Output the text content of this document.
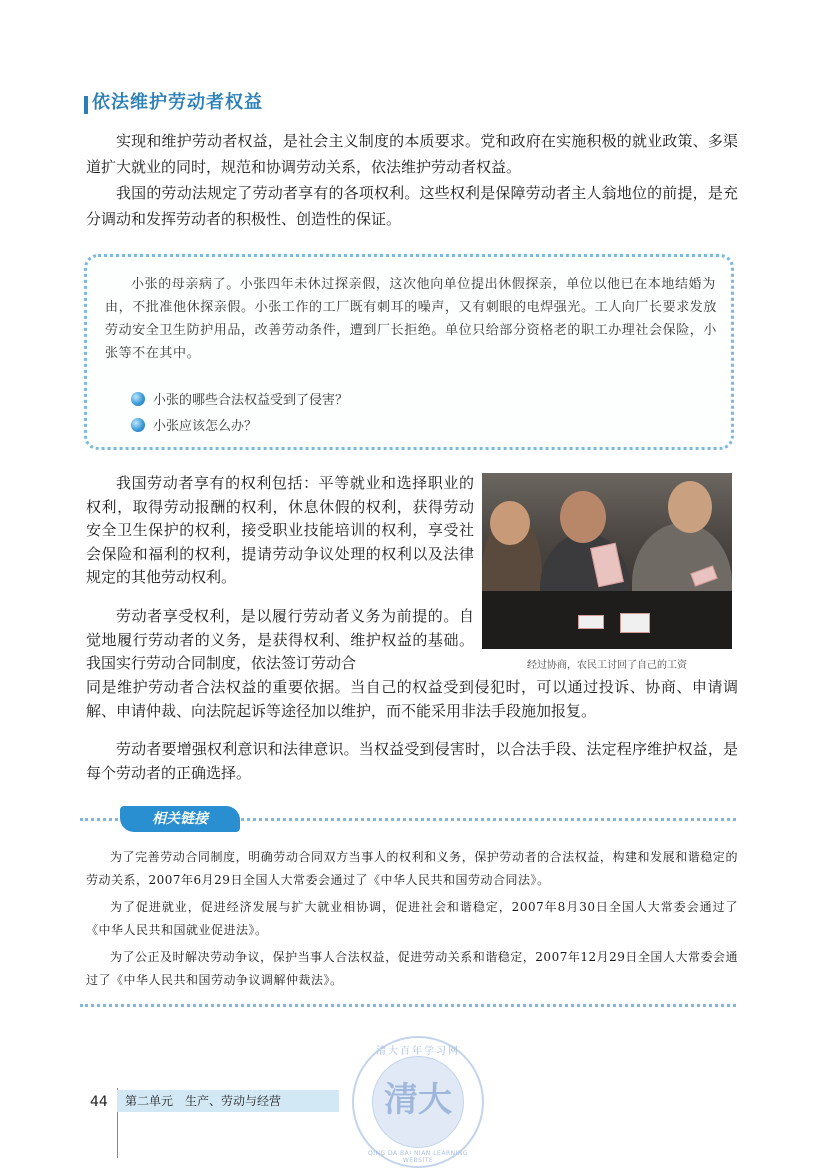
依法维护劳动者权益

实现和维护劳动者权益，是社会主义制度的本质要求。党和政府在实施积极的就业政策、多渠道扩大就业的同时，规范和协调劳动关系，依法维护劳动者权益。

我国的劳动法规定了劳动者享有的各项权利。这些权利是保障劳动者主人翁地位的前提，是充分调动和发挥劳动者的积极性、创造性的保证。

小张的母亲病了。小张四年未休过探亲假，这次他向单位提出休假探亲，单位以他已在本地结婚为由，不批准他休探亲假。小张工作的工厂既有刺耳的噪声，又有刺眼的电焊强光。工人向厂长要求发放劳动安全卫生防护用品，改善劳动条件，遭到厂长拒绝。单位只给部分资格老的职工办理社会保险，小张等不在其中。

小张的哪些合法权益受到了侵害？
小张应该怎么办？

我国劳动者享有的权利包括：平等就业和选择职业的权利，取得劳动报酬的权利，休息休假的权利，获得劳动安全卫生保护的权利，接受职业技能培训的权利，享受社会保险和福利的权利，提请劳动争议处理的权利以及法律规定的其他劳动权利。

劳动者享受权利，是以履行劳动者义务为前提的。自觉地履行劳动者的义务，是获得权利、维护权益的基础。我国实行劳动合同制度，依法签订劳动合	经过协商，农民工讨回了自己的工资

同是维护劳动者合法权益的重要依据。当自己的权益受到侵犯时，可以通过投诉、协商、申请调解、申请仲裁、向法院起诉等途径加以维护，而不能采用非法手段施加报复。

劳动者要增强权利意识和法律意识。当权益受到侵害时，以合法手段、法定程序维护权益，是每个劳动者的正确选择。

相关链接

为了完善劳动合同制度，明确劳动合同双方当事人的权利和义务，保护劳动者的合法权益，构建和发展和谐稳定的劳动关系，2007年6月29日全国人大常委会通过了《中华人民共和国劳动合同法》。

为了促进就业，促进经济发展与扩大就业相协调，促进社会和谐稳定，2007年8月30日全国人大常委会通过了《中华人民共和国就业促进法》。

为了公正及时解决劳动争议，保护当事人合法权益，促进劳动关系和谐稳定，2007年12月29日全国人大常委会通过了《中华人民共和国劳动争议调解仲裁法》。

44	第二单元　生产、劳动与经营
清大百年学习网
清大
QING DA BAI NIAN LEARNING WEBSITE
